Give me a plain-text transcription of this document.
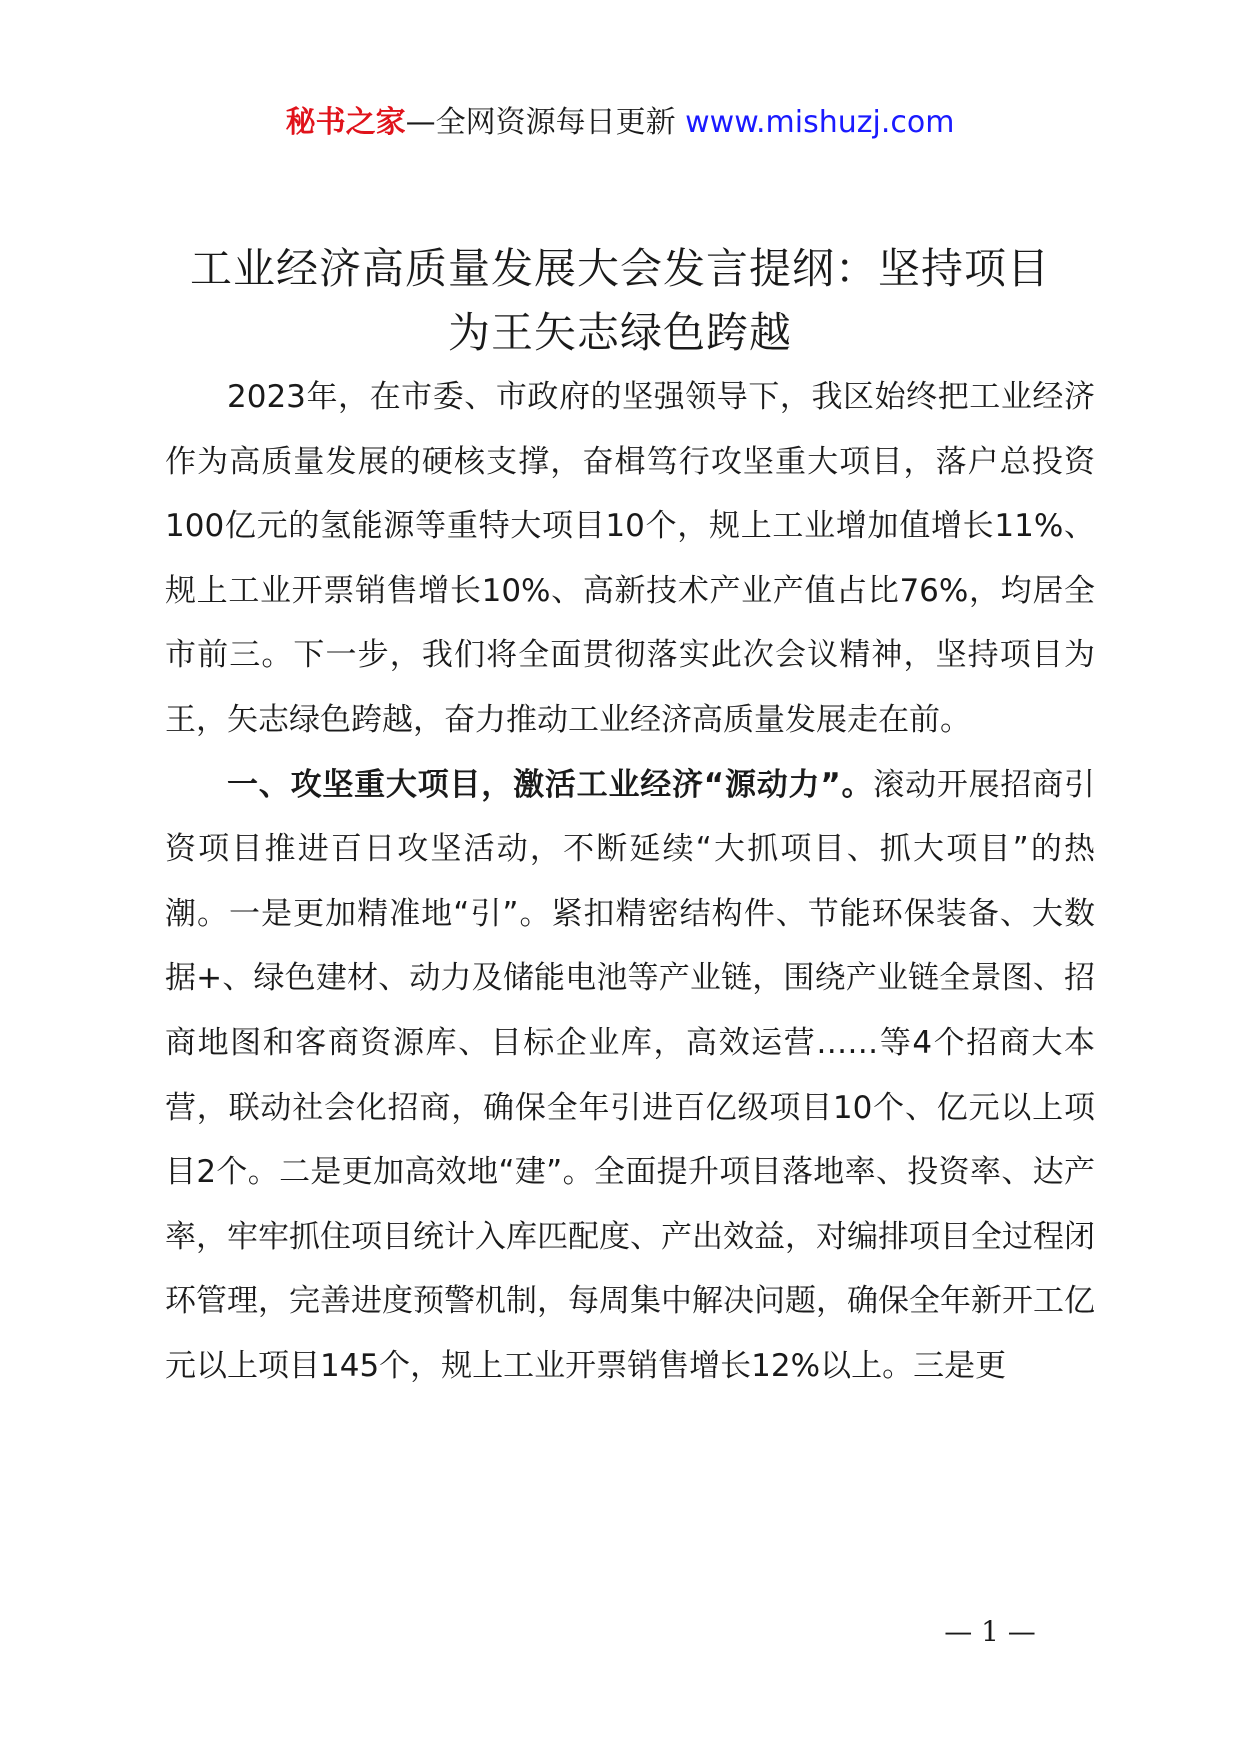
秘书之家—全网资源每日更新 www.mishuzj.com
工业经济高质量发展大会发言提纲：坚持项目
为王矢志绿色跨越

2023年，在市委、市政府的坚强领导下，我区始终把工业经济作为高质量发展的硬核支撑，奋楫笃行攻坚重大项目，落户总投资100亿元的氢能源等重特大项目10个，规上工业增加值增长11%、规上工业开票销售增长10%、高新技术产业产值占比76%，均居全市前三。下一步，我们将全面贯彻落实此次会议精神，坚持项目为王，矢志绿色跨越，奋力推动工业经济高质量发展走在前。

一、攻坚重大项目，激活工业经济“源动力”。滚动开展招商引资项目推进百日攻坚活动，不断延续“大抓项目、抓大项目”的热潮。一是更加精准地“引”。紧扣精密结构件、节能环保装备、大数据+、绿色建材、动力及储能电池等产业链，围绕产业链全景图、招商地图和客商资源库、目标企业库，高效运营……等4个招商大本营，联动社会化招商，确保全年引进百亿级项目10个、亿元以上项目2个。二是更加高效地“建”。全面提升项目落地率、投资率、达产率，牢牢抓住项目统计入库匹配度、产出效益，对编排项目全过程闭环管理，完善进度预警机制，每周集中解决问题，确保全年新开工亿元以上项目145个，规上工业开票销售增长12%以上。三是更

— 1 —
